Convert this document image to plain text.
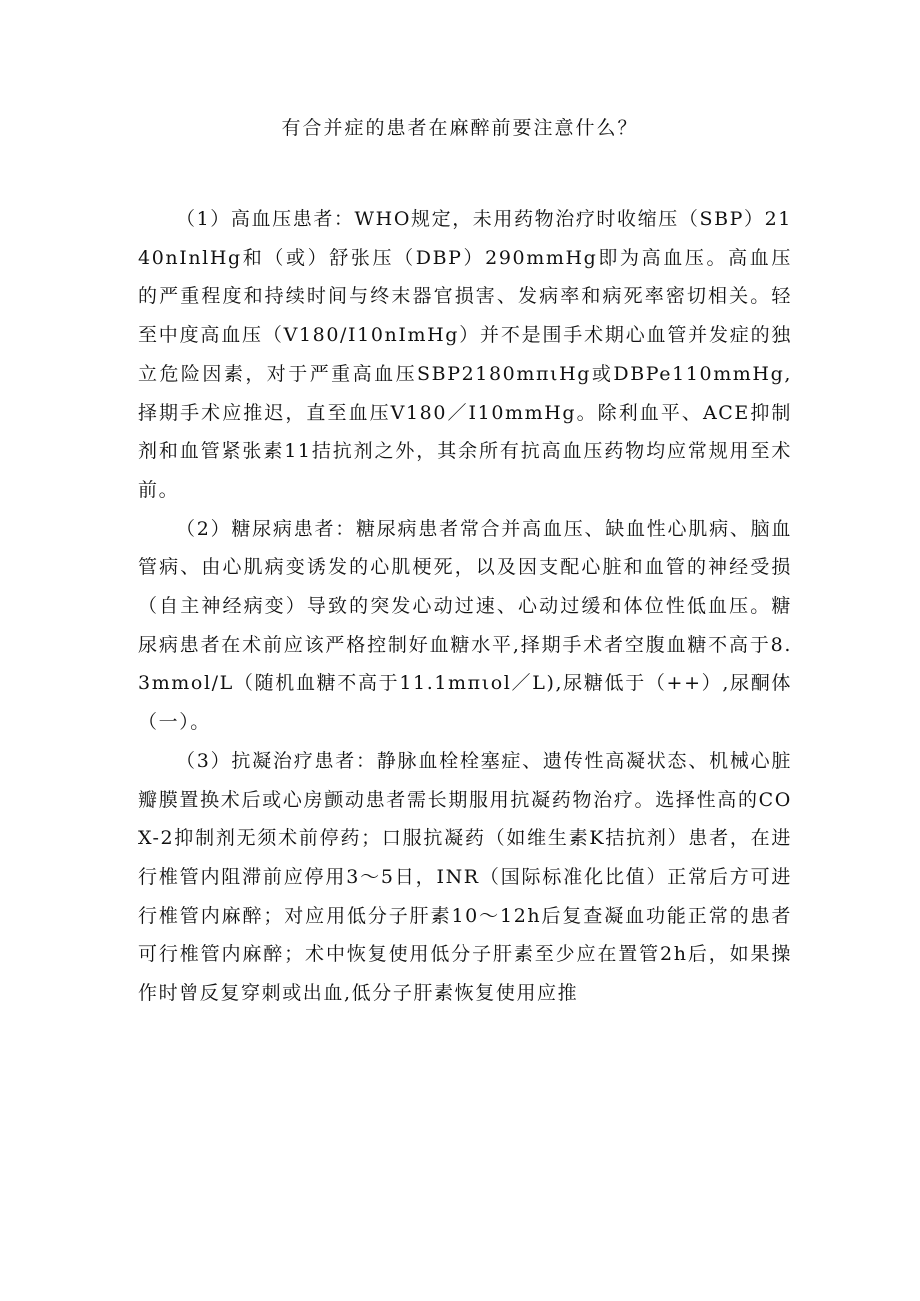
有合并症的患者在麻醉前要注意什么？

（1）高血压患者：WHO规定，未用药物治疗时收缩压（SBP）2140nInlHg和（或）舒张压（DBP）290mmHg即为高血压。高血压的严重程度和持续时间与终末器官损害、发病率和病死率密切相关。轻至中度高血压（V180/I10nImHg）并不是围手术期心血管并发症的独立危险因素，对于严重高血压SBP2180mπιHg或DBPe110mmHg,择期手术应推迟，直至血压V180／I10mmHg。除利血平、ACE抑制剂和血管紧张素11拮抗剂之外，其余所有抗高血压药物均应常规用至术前。

（2）糖尿病患者：糖尿病患者常合并高血压、缺血性心肌病、脑血管病、由心肌病变诱发的心肌梗死，以及因支配心脏和血管的神经受损（自主神经病变）导致的突发心动过速、心动过缓和体位性低血压。糖尿病患者在术前应该严格控制好血糖水平,择期手术者空腹血糖不高于8.3mmol/L（随机血糖不高于11.1mπιol／L),尿糖低于（++）,尿酮体（一）。

（3）抗凝治疗患者：静脉血栓栓塞症、遗传性高凝状态、机械心脏瓣膜置换术后或心房颤动患者需长期服用抗凝药物治疗。选择性高的COX-2抑制剂无须术前停药；口服抗凝药（如维生素K拮抗剂）患者，在进行椎管内阻滞前应停用3～5日，INR（国际标准化比值）正常后方可进行椎管内麻醉；对应用低分子肝素10～12h后复查凝血功能正常的患者可行椎管内麻醉；术中恢复使用低分子肝素至少应在置管2h后，如果操作时曾反复穿刺或出血,低分子肝素恢复使用应推
